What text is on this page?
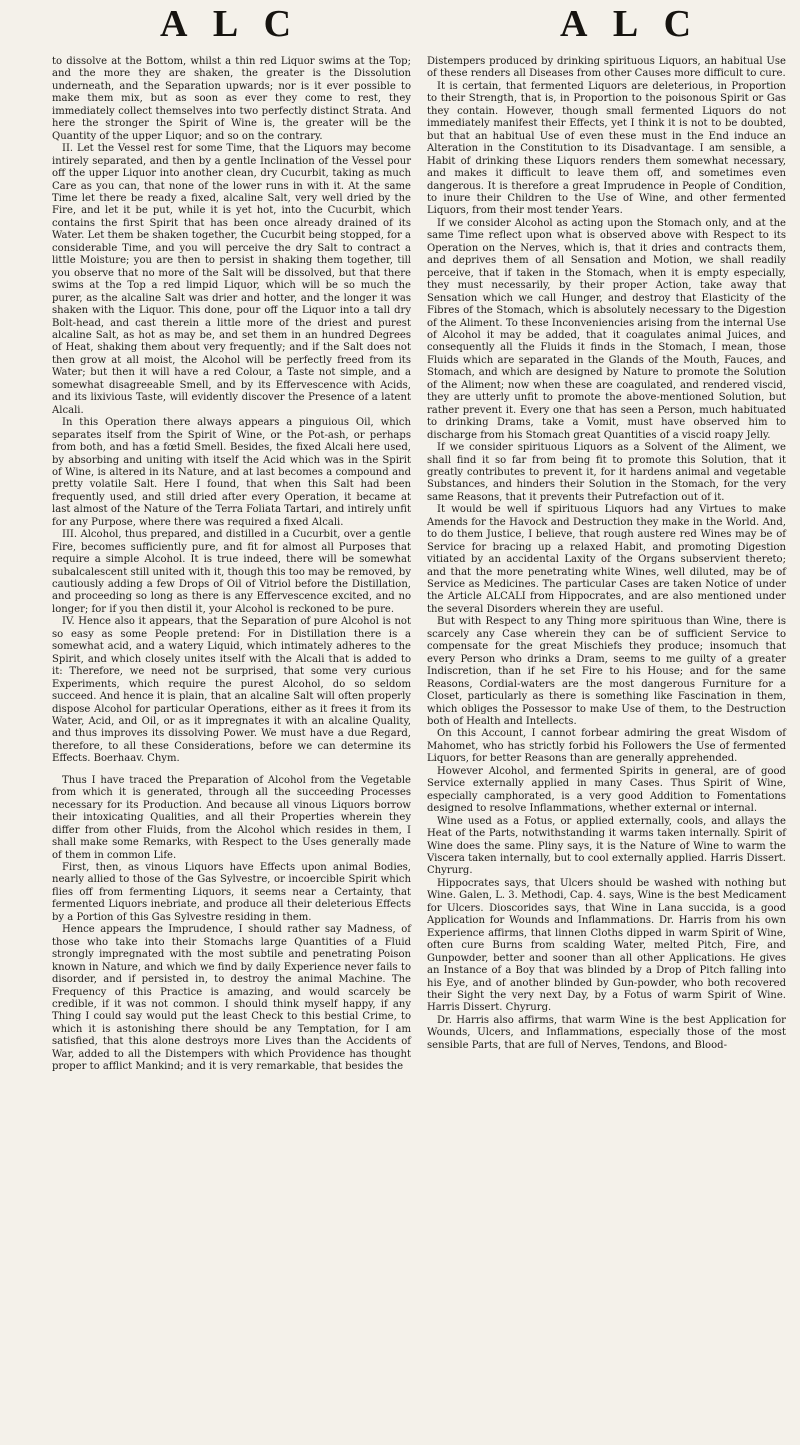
A L C	A L C

to dissolve at the Bottom, whilst a thin red Liquor swims at the Top; and the more they are shaken, the greater is the Dissolution underneath, and the Separation upwards; nor is it ever possible to make them mix, but as soon as ever they come to rest, they immediately collect themselves into two perfectly distinct Strata. And here the stronger the Spirit of Wine is, the greater will be the Quantity of the upper Liquor; and so on the contrary.

II. Let the Vessel rest for some Time, that the Liquors may become intirely separated, and then by a gentle Inclination of the Vessel pour off the upper Liquor into another clean, dry Cucurbit, taking as much Care as you can, that none of the lower runs in with it. At the same Time let there be ready a fixed, alcaline Salt, very well dried by the Fire, and let it be put, while it is yet hot, into the Cucurbit, which contains the first Spirit that has been once already drained of its Water. Let them be shaken together, the Cucurbit being stopped, for a considerable Time, and you will perceive the dry Salt to contract a little Moisture; you are then to persist in shaking them together, till you observe that no more of the Salt will be dissolved, but that there swims at the Top a red limpid Liquor, which will be so much the purer, as the alcaline Salt was drier and hotter, and the longer it was shaken with the Liquor. This done, pour off the Liquor into a tall dry Bolt-head, and cast therein a little more of the driest and purest alcaline Salt, as hot as may be, and set them in an hundred Degrees of Heat, shaking them about very frequently; and if the Salt does not then grow at all moist, the Alcohol will be perfectly freed from its Water; but then it will have a red Colour, a Taste not simple, and a somewhat disagreeable Smell, and by its Effervescence with Acids, and its lixivious Taste, will evidently discover the Presence of a latent Alcali.

In this Operation there always appears a pinguious Oil, which separates itself from the Spirit of Wine, or the Pot-ash, or perhaps from both, and has a fœtid Smell. Besides, the fixed Alcali here used, by absorbing and uniting with itself the Acid which was in the Spirit of Wine, is altered in its Nature, and at last becomes a compound and pretty volatile Salt. Here I found, that when this Salt had been frequently used, and still dried after every Operation, it became at last almost of the Nature of the Terra Foliata Tartari, and intirely unfit for any Purpose, where there was required a fixed Alcali.

III. Alcohol, thus prepared, and distilled in a Cucurbit, over a gentle Fire, becomes sufficiently pure, and fit for almost all Purposes that require a simple Alcohol. It is true indeed, there will be somewhat subalcalescent still united with it, though this too may be removed, by cautiously adding a few Drops of Oil of Vitriol before the Distillation, and proceeding so long as there is any Effervescence excited, and no longer; for if you then distil it, your Alcohol is reckoned to be pure.

IV. Hence also it appears, that the Separation of pure Alcohol is not so easy as some People pretend: For in Distillation there is a somewhat acid, and a watery Liquid, which intimately adheres to the Spirit, and which closely unites itself with the Alcali that is added to it: Therefore, we need not be surprised, that some very curious Experiments, which require the purest Alcohol, do so seldom succeed. And hence it is plain, that an alcaline Salt will often properly dispose Alcohol for particular Operations, either as it frees it from its Water, Acid, and Oil, or as it impregnates it with an alcaline Quality, and thus improves its dissolving Power. We must have a due Regard, therefore, to all these Considerations, before we can determine its Effects. Boerhaav. Chym.

Thus I have traced the Preparation of Alcohol from the Vegetable from which it is generated, through all the succeeding Processes necessary for its Production. And because all vinous Liquors borrow their intoxicating Qualities, and all their Properties wherein they differ from other Fluids, from the Alcohol which resides in them, I shall make some Remarks, with Respect to the Uses generally made of them in common Life.

First, then, as vinous Liquors have Effects upon animal Bodies, nearly allied to those of the Gas Sylvestre, or incoercible Spirit which flies off from fermenting Liquors, it seems near a Certainty, that fermented Liquors inebriate, and produce all their deleterious Effects by a Portion of this Gas Sylvestre residing in them.

Hence appears the Imprudence, I should rather say Madness, of those who take into their Stomachs large Quantities of a Fluid strongly impregnated with the most subtile and penetrating Poison known in Nature, and which we find by daily Experience never fails to disorder, and if persisted in, to destroy the animal Machine. The Frequency of this Practice is amazing, and would scarcely be credible, if it was not common. I should think myself happy, if any Thing I could say would put the least Check to this bestial Crime, to which it is astonishing there should be any Temptation, for I am satisfied, that this alone destroys more Lives than the Accidents of War, added to all the Distempers with which Providence has thought proper to afflict Mankind; and it is very remarkable, that besides the

Distempers produced by drinking spirituous Liquors, an habitual Use of these renders all Diseases from other Causes more difficult to cure.

It is certain, that fermented Liquors are deleterious, in Proportion to their Strength, that is, in Proportion to the poisonous Spirit or Gas they contain. However, though small fermented Liquors do not immediately manifest their Effects, yet I think it is not to be doubted, but that an habitual Use of even these must in the End induce an Alteration in the Constitution to its Disadvantage. I am sensible, a Habit of drinking these Liquors renders them somewhat necessary, and makes it difficult to leave them off, and sometimes even dangerous. It is therefore a great Imprudence in People of Condition, to inure their Children to the Use of Wine, and other fermented Liquors, from their most tender Years.

If we consider Alcohol as acting upon the Stomach only, and at the same Time reflect upon what is observed above with Respect to its Operation on the Nerves, which is, that it dries and contracts them, and deprives them of all Sensation and Motion, we shall readily perceive, that if taken in the Stomach, when it is empty especially, they must necessarily, by their proper Action, take away that Sensation which we call Hunger, and destroy that Elasticity of the Fibres of the Stomach, which is absolutely necessary to the Digestion of the Aliment. To these Inconveniencies arising from the internal Use of Alcohol it may be added, that it coagulates animal Juices, and consequently all the Fluids it finds in the Stomach, I mean, those Fluids which are separated in the Glands of the Mouth, Fauces, and Stomach, and which are designed by Nature to promote the Solution of the Aliment; now when these are coagulated, and rendered viscid, they are utterly unfit to promote the above-mentioned Solution, but rather prevent it. Every one that has seen a Person, much habituated to drinking Drams, take a Vomit, must have observed him to discharge from his Stomach great Quantities of a viscid roapy Jelly.

If we consider spirituous Liquors as a Solvent of the Aliment, we shall find it so far from being fit to promote this Solution, that it greatly contributes to prevent it, for it hardens animal and vegetable Substances, and hinders their Solution in the Stomach, for the very same Reasons, that it prevents their Putrefaction out of it.

It would be well if spirituous Liquors had any Virtues to make Amends for the Havock and Destruction they make in the World. And, to do them Justice, I believe, that rough austere red Wines may be of Service for bracing up a relaxed Habit, and promoting Digestion vitiated by an accidental Laxity of the Organs subservient thereto; and that the more penetrating white Wines, well diluted, may be of Service as Medicines. The particular Cases are taken Notice of under the Article ALCALI from Hippocrates, and are also mentioned under the several Disorders wherein they are useful.

But with Respect to any Thing more spirituous than Wine, there is scarcely any Case wherein they can be of sufficient Service to compensate for the great Mischiefs they produce; insomuch that every Person who drinks a Dram, seems to me guilty of a greater Indiscretion, than if he set Fire to his House; and for the same Reasons, Cordial-waters are the most dangerous Furniture for a Closet, particularly as there is something like Fascination in them, which obliges the Possessor to make Use of them, to the Destruction both of Health and Intellects.

On this Account, I cannot forbear admiring the great Wisdom of Mahomet, who has strictly forbid his Followers the Use of fermented Liquors, for better Reasons than are generally apprehended.

However Alcohol, and fermented Spirits in general, are of good Service externally applied in many Cases. Thus Spirit of Wine, especially camphorated, is a very good Addition to Fomentations designed to resolve Inflammations, whether external or internal.

Wine used as a Fotus, or applied externally, cools, and allays the Heat of the Parts, notwithstanding it warms taken internally. Spirit of Wine does the same. Pliny says, it is the Nature of Wine to warm the Viscera taken internally, but to cool externally applied. Harris Dissert. Chyrurg.

Hippocrates says, that Ulcers should be washed with nothing but Wine. Galen, L. 3. Methodi, Cap. 4. says, Wine is the best Medicament for Ulcers. Dioscorides says, that Wine in Lana succida, is a good Application for Wounds and Inflammations. Dr. Harris from his own Experience affirms, that linnen Cloths dipped in warm Spirit of Wine, often cure Burns from scalding Water, melted Pitch, Fire, and Gunpowder, better and sooner than all other Applications. He gives an Instance of a Boy that was blinded by a Drop of Pitch falling into his Eye, and of another blinded by Gun-powder, who both recovered their Sight the very next Day, by a Fotus of warm Spirit of Wine. Harris Dissert. Chyrurg.

Dr. Harris also affirms, that warm Wine is the best Application for Wounds, Ulcers, and Inflammations, especially those of the most sensible Parts, that are full of Nerves, Tendons, and Blood-
